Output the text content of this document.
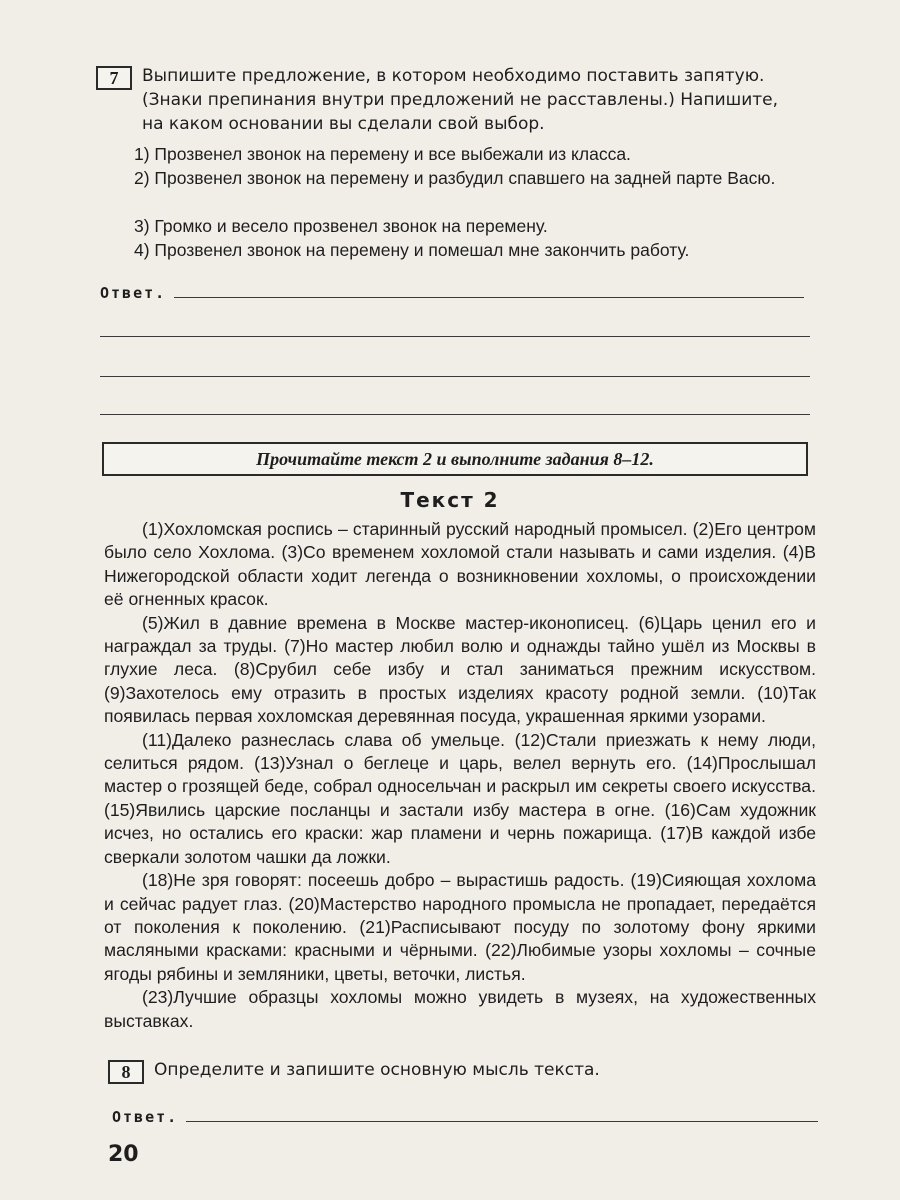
7	Выпишите предложение, в котором необходимо поставить запятую. (Знаки препинания внутри предложений не расставлены.) Напишите, на каком основании вы сделали свой выбор.
1) Прозвенел звонок на перемену и все выбежали из класса.
2) Прозвенел звонок на перемену и разбудил спавшего на задней парте Васю.
3) Громко и весело прозвенел звонок на перемену.
4) Прозвенел звонок на перемену и помешал мне закончить работу.
Ответ.
Прочитайте текст 2 и выполните задания 8–12.
Текст 2

(1)Хохломская роспись – старинный русский народный промысел. (2)Его центром было село Хохлома. (3)Со временем хохломой стали называть и сами изделия. (4)В Нижегородской области ходит легенда о возникновении хохломы, о происхождении её огненных красок.

(5)Жил в давние времена в Москве мастер-иконописец. (6)Царь ценил его и награждал за труды. (7)Но мастер любил волю и однажды тайно ушёл из Москвы в глухие леса. (8)Срубил себе избу и стал заниматься прежним искусством. (9)Захотелось ему отразить в простых изделиях красоту родной земли. (10)Так появилась первая хохломская деревянная посуда, украшенная яркими узорами.

(11)Далеко разнеслась слава об умельце. (12)Стали приезжать к нему люди, селиться рядом. (13)Узнал о беглеце и царь, велел вернуть его. (14)Прослышал мастер о грозящей беде, собрал односельчан и раскрыл им секреты своего искусства. (15)Явились царские посланцы и застали избу мастера в огне. (16)Сам художник исчез, но остались его краски: жар пламени и чернь пожарища. (17)В каждой избе сверкали золотом чашки да ложки.

(18)Не зря говорят: посеешь добро – вырастишь радость. (19)Сияющая хохлома и сейчас радует глаз. (20)Мастерство народного промысла не пропадает, передаётся от поколения к поколению. (21)Расписывают посуду по золотому фону яркими масляными красками: красными и чёрными. (22)Любимые узоры хохломы – сочные ягоды рябины и земляники, цветы, веточки, листья.

(23)Лучшие образцы хохломы можно увидеть в музеях, на художественных выставках.

8	Определите и запишите основную мысль текста.
Ответ.
20
